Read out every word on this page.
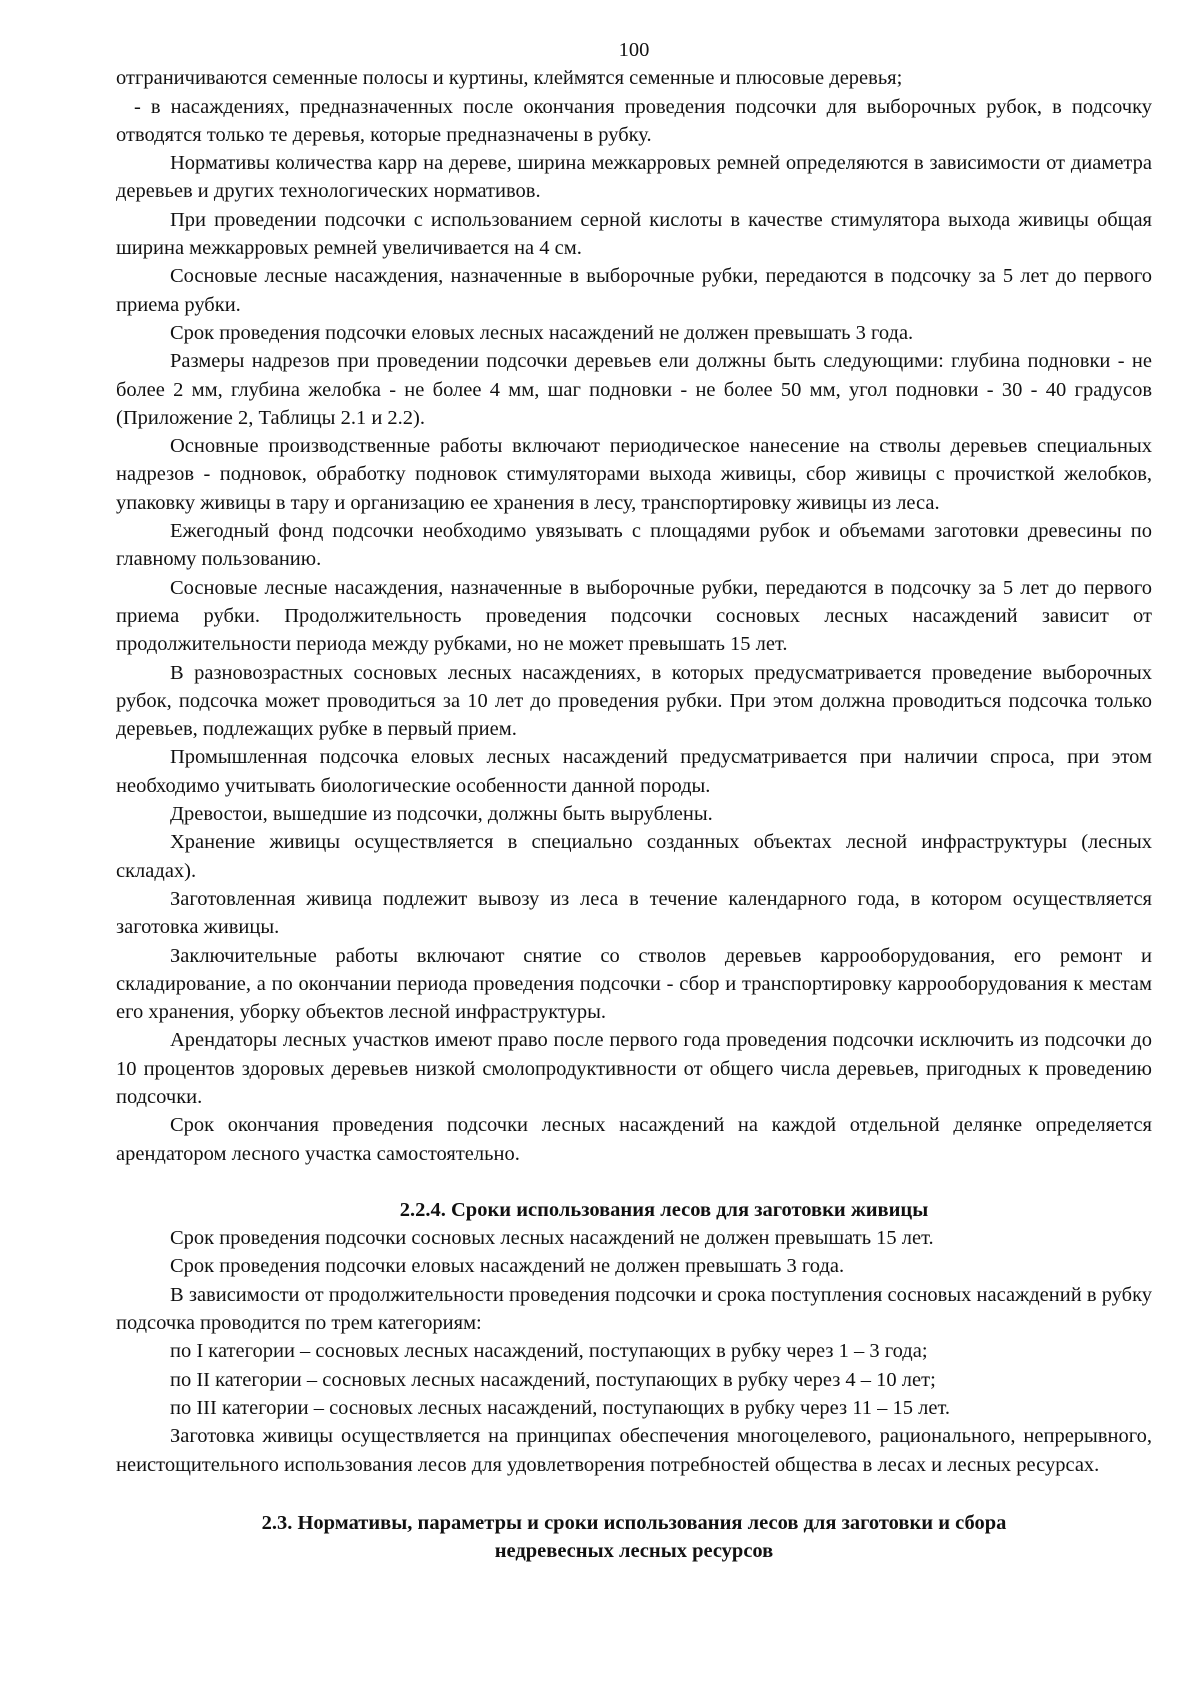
100

отграничиваются семенные полосы и куртины, клеймятся семенные и плюсовые деревья;

- в насаждениях, предназначенных после окончания проведения подсочки для выборочных рубок, в подсочку отводятся только те деревья, которые предназначены в рубку.

Нормативы количества карр на дереве, ширина межкарровых ремней определяются в зависимости от диаметра деревьев и других технологических нормативов.

При проведении подсочки с использованием серной кислоты в качестве стимулятора выхода живицы общая ширина межкарровых ремней увеличивается на 4 см.

Сосновые лесные насаждения, назначенные в выборочные рубки, передаются в подсочку за 5 лет до первого приема рубки.

Срок проведения подсочки еловых лесных насаждений не должен превышать 3 года.

Размеры надрезов при проведении подсочки деревьев ели должны быть следующими: глубина подновки - не более 2 мм, глубина желобка - не более 4 мм, шаг подновки - не более 50 мм, угол подновки - 30 - 40 градусов (Приложение 2, Таблицы 2.1 и 2.2).

Основные производственные работы включают периодическое нанесение на стволы деревьев специальных надрезов - подновок, обработку подновок стимуляторами выхода живицы, сбор живицы с прочисткой желобков, упаковку живицы в тару и организацию ее хранения в лесу, транспортировку живицы из леса.

Ежегодный фонд подсочки необходимо увязывать с площадями рубок и объемами заготовки древесины по главному пользованию.

Сосновые лесные насаждения, назначенные в выборочные рубки, передаются в подсочку за 5 лет до первого приема рубки. Продолжительность проведения подсочки сосновых лесных насаждений зависит от продолжительности периода между рубками, но не может превышать 15 лет.

В разновозрастных сосновых лесных насаждениях, в которых предусматривается проведение выборочных рубок, подсочка может проводиться за 10 лет до проведения рубки. При этом должна проводиться подсочка только деревьев, подлежащих рубке в первый прием.

Промышленная подсочка еловых лесных насаждений предусматривается при наличии спроса, при этом необходимо учитывать биологические особенности данной породы.

Древостои, вышедшие из подсочки, должны быть вырублены.

Хранение живицы осуществляется в специально созданных объектах лесной инфраструктуры (лесных складах).

Заготовленная живица подлежит вывозу из леса в течение календарного года, в котором осуществляется заготовка живицы.

Заключительные работы включают снятие со стволов деревьев каррооборудования, его ремонт и складирование, а по окончании периода проведения подсочки - сбор и транспортировку каррооборудования к местам его хранения, уборку объектов лесной инфраструктуры.

Арендаторы лесных участков имеют право после первого года проведения подсочки исключить из подсочки до 10 процентов здоровых деревьев низкой смолопродуктивности от общего числа деревьев, пригодных к проведению подсочки.

Срок окончания проведения подсочки лесных насаждений на каждой отдельной делянке определяется арендатором лесного участка самостоятельно.

2.2.4. Сроки использования лесов для заготовки живицы

Срок проведения подсочки сосновых лесных насаждений не должен превышать 15 лет.

Срок проведения подсочки еловых насаждений не должен превышать 3 года.

В зависимости от продолжительности проведения подсочки и срока поступления сосновых насаждений в рубку подсочка проводится по трем категориям:

по I категории – сосновых лесных насаждений, поступающих в рубку через 1 – 3 года;

по II категории – сосновых лесных насаждений, поступающих в рубку через 4 – 10 лет;

по III категории – сосновых лесных насаждений, поступающих в рубку через 11 – 15 лет.

Заготовка живицы осуществляется на принципах обеспечения многоцелевого, рационального, непрерывного, неистощительного использования лесов для удовлетворения потребностей общества в лесах и лесных ресурсах.

2.3. Нормативы, параметры и сроки использования лесов для заготовки и сбора
недревесных лесных ресурсов
